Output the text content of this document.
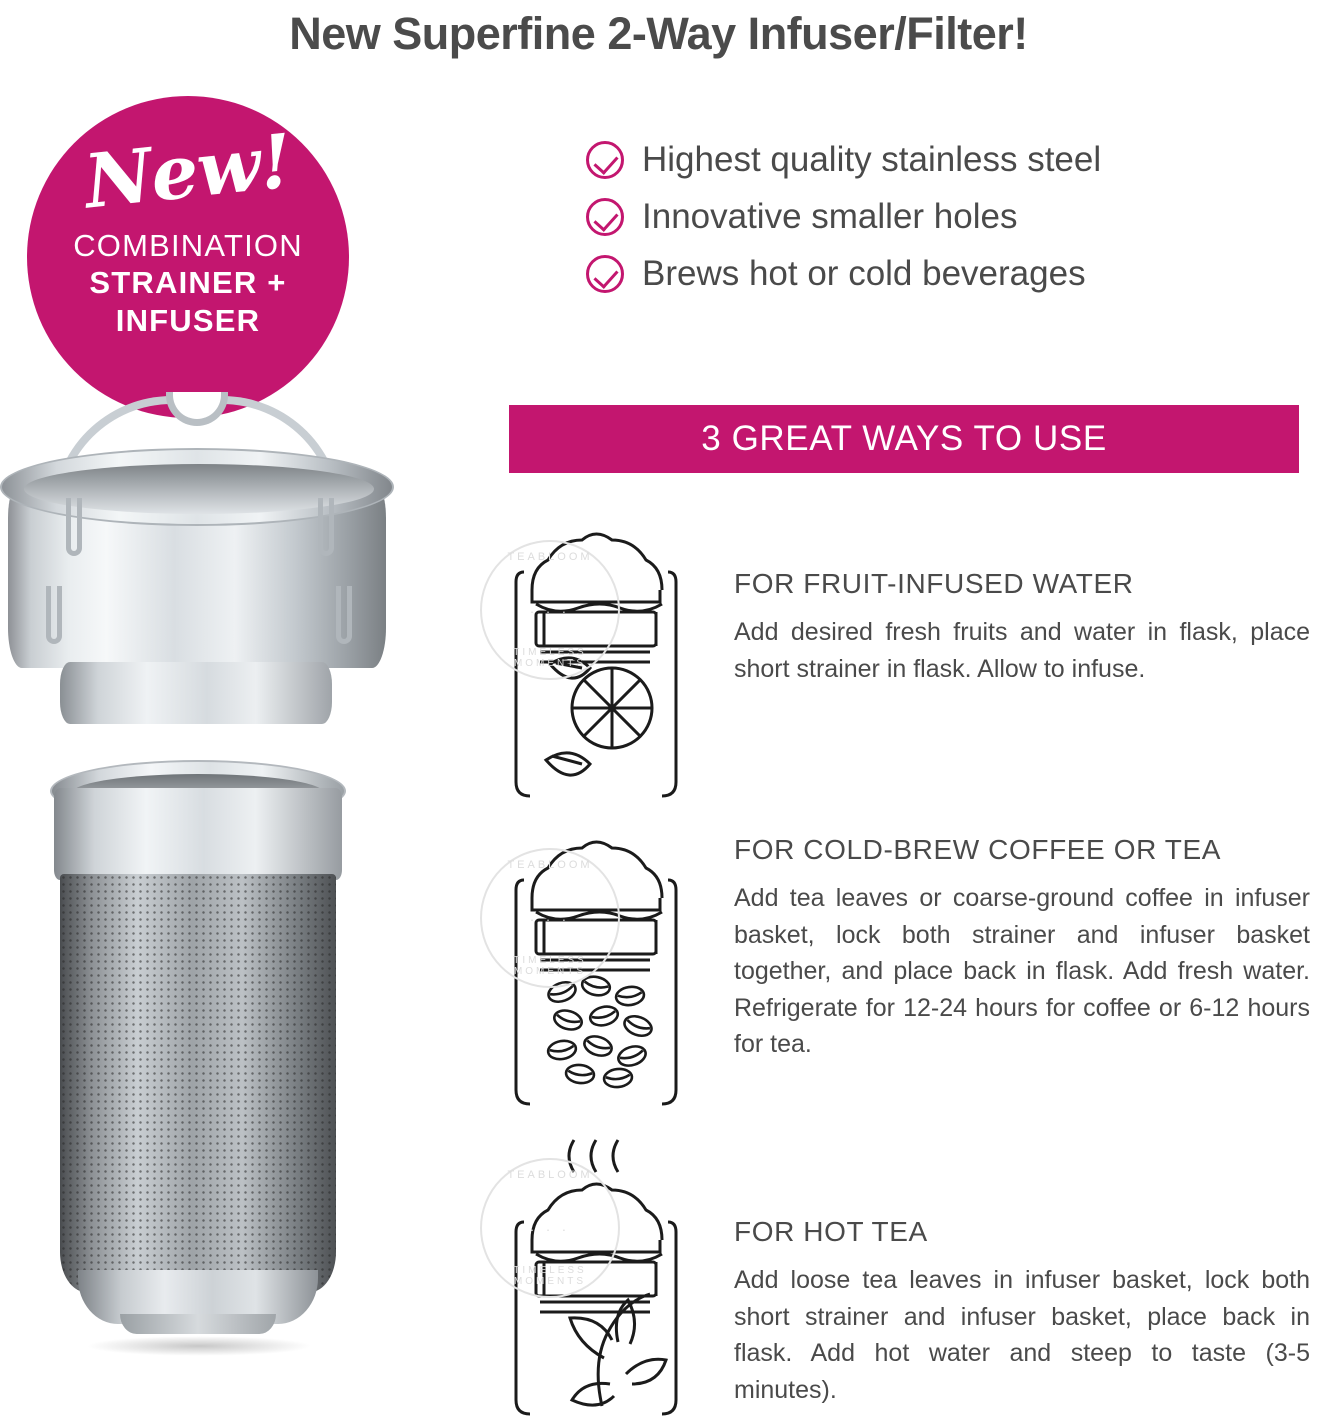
New Superfine 2-Way Infuser/Filter!
New!
COMBINATION
STRAINER +
INFUSER
Highest quality stainless steel
Innovative smaller holes
Brews hot or cold beverages
3 GREAT WAYS TO USE
TEABLOOM
· · ·
TIMELESS MOMENTS
FOR FRUIT-INFUSED WATER
Add desired fresh fruits and water in flask, place short strainer in flask. Allow to infuse.
TEABLOOM
· · ·
TIMELESS MOMENTS
FOR COLD-BREW COFFEE OR TEA
Add tea leaves or coarse-ground coffee in infuser basket, lock both strainer and infuser basket together, and place back in flask. Add fresh water. Refrigerate for 12-24 hours for coffee or 6-12 hours for tea.
TEABLOOM
· · ·
TIMELESS MOMENTS
FOR HOT TEA
Add loose tea leaves in infuser basket, lock both short strainer and infuser basket, place back in flask. Add hot water and steep to taste (3-5 minutes).
